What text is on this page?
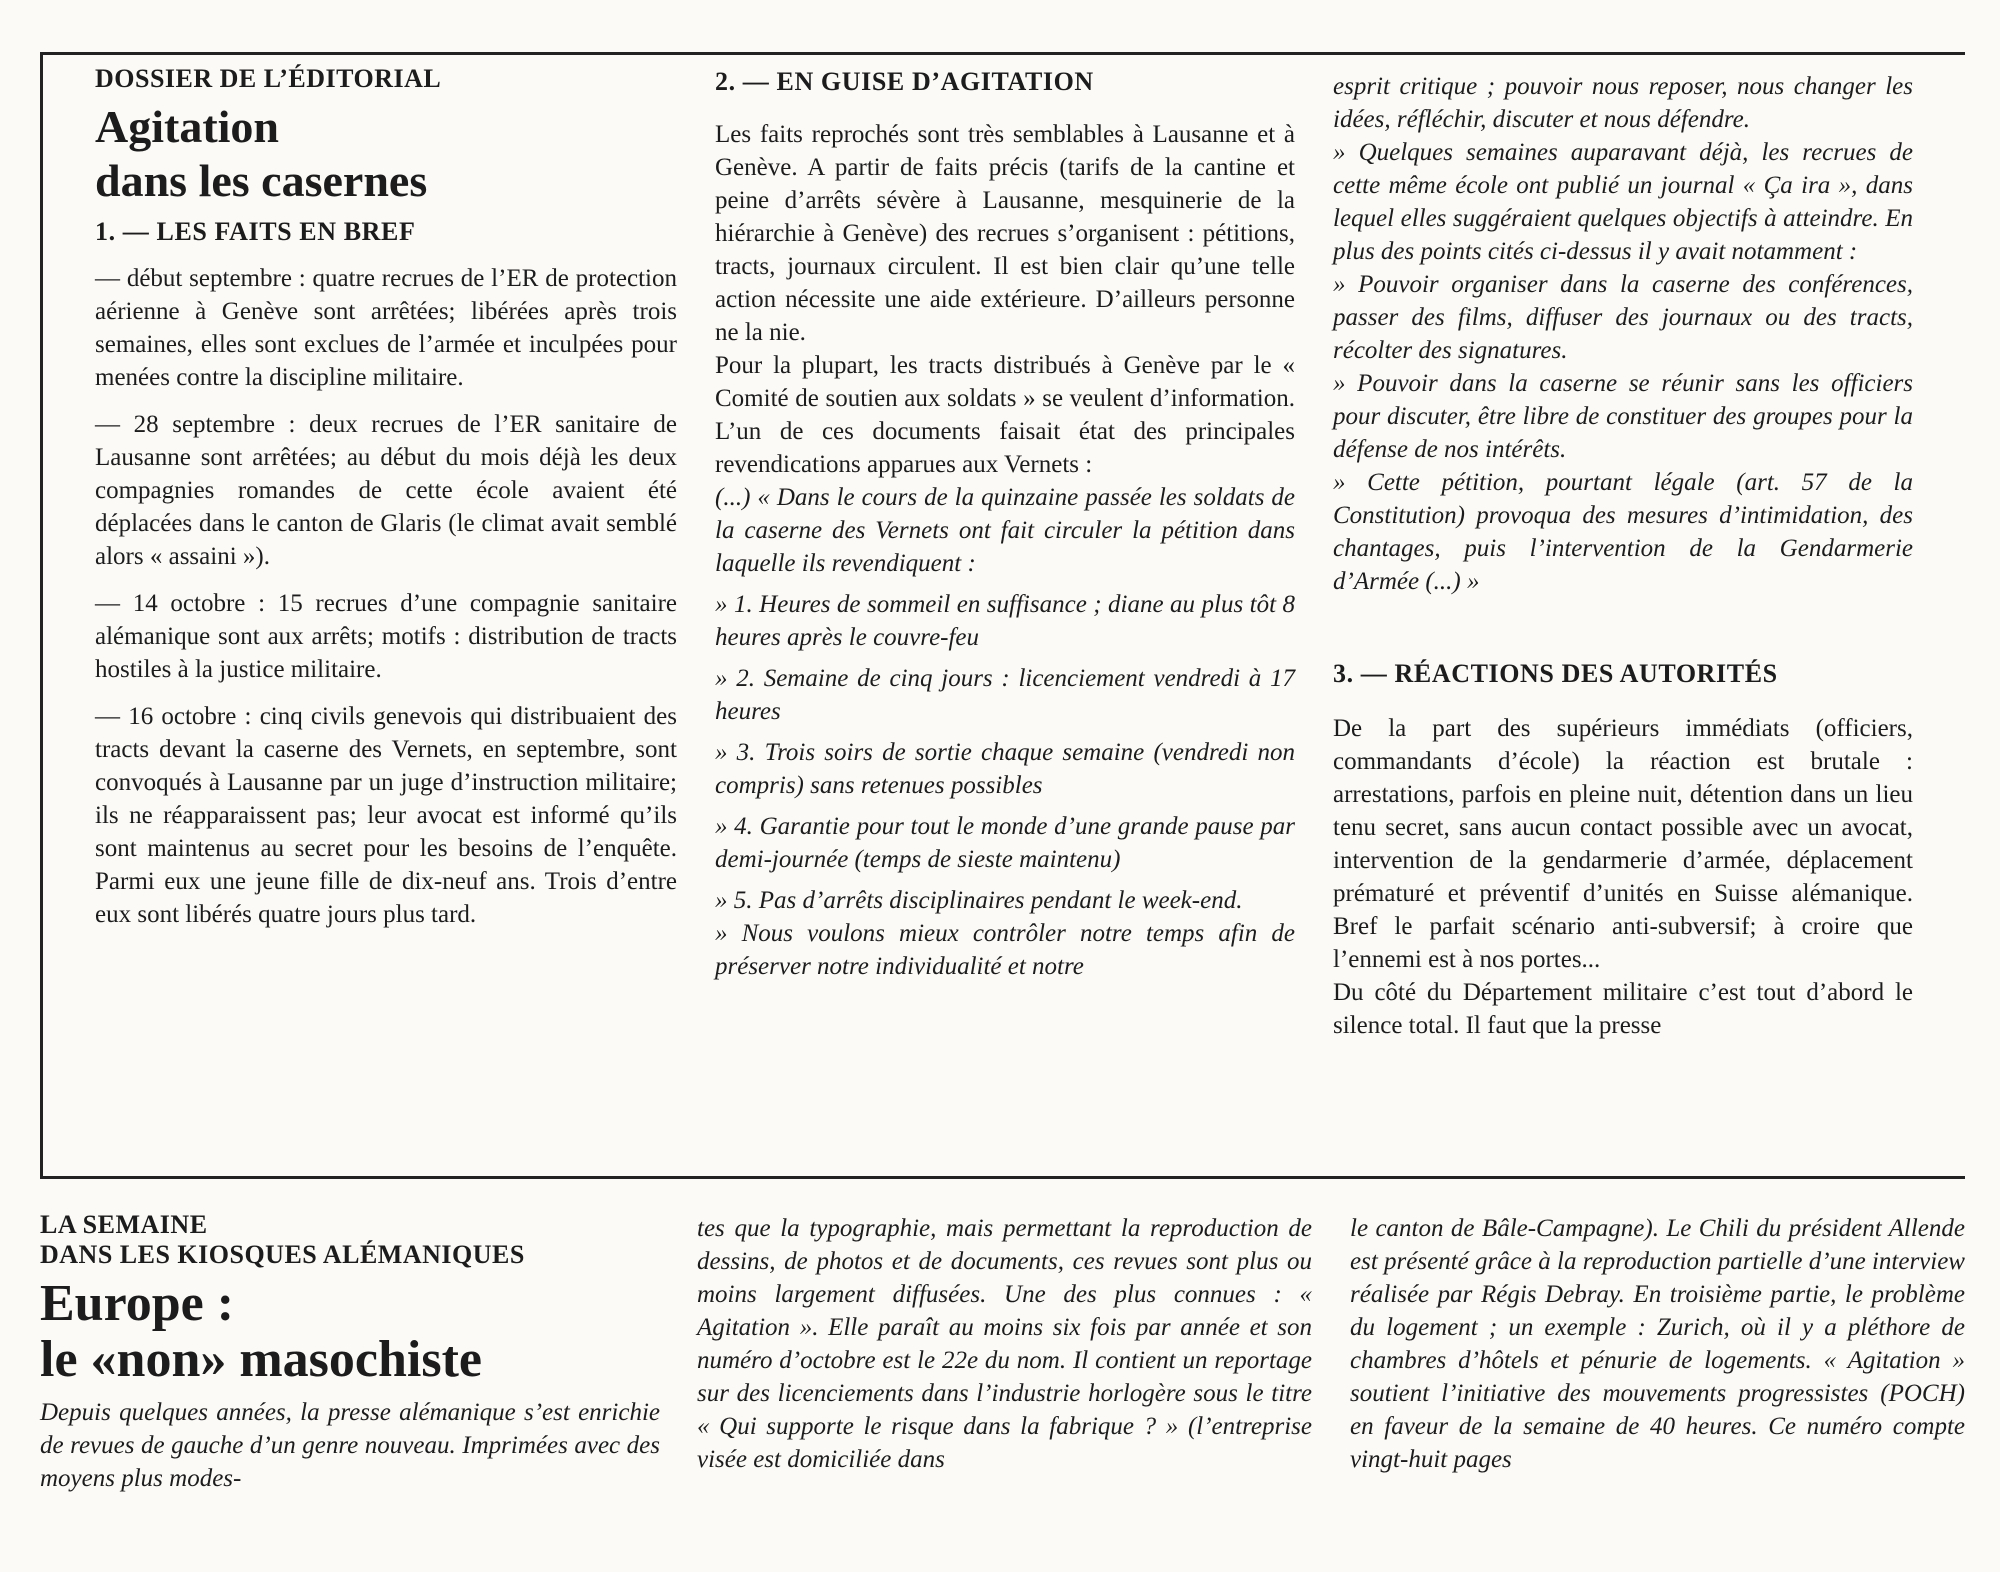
DOSSIER DE L’ÉDITORIAL

Agitation
dans les casernes

1. — LES FAITS EN BREF

— début septembre : quatre recrues de l’ER de protection aérienne à Genève sont arrêtées; libérées après trois semaines, elles sont exclues de l’armée et inculpées pour menées contre la discipline militaire.

— 28 septembre : deux recrues de l’ER sanitaire de Lausanne sont arrêtées; au début du mois déjà les deux compagnies romandes de cette école avaient été déplacées dans le canton de Glaris (le climat avait semblé alors « assaini »).

— 14 octobre : 15 recrues d’une compagnie sanitaire alémanique sont aux arrêts; motifs : distribution de tracts hostiles à la justice militaire.

— 16 octobre : cinq civils genevois qui distribuaient des tracts devant la caserne des Vernets, en septembre, sont convoqués à Lausanne par un juge d’instruction militaire; ils ne réapparaissent pas; leur avocat est informé qu’ils sont maintenus au secret pour les besoins de l’enquête. Parmi eux une jeune fille de dix-neuf ans. Trois d’entre eux sont libérés quatre jours plus tard.

2. — EN GUISE D’AGITATION

Les faits reprochés sont très semblables à Lausanne et à Genève. A partir de faits précis (tarifs de la cantine et peine d’arrêts sévère à Lausanne, mesquinerie de la hiérarchie à Genève) des recrues s’organisent : pétitions, tracts, journaux circulent. Il est bien clair qu’une telle action nécessite une aide extérieure. D’ailleurs personne ne la nie.

Pour la plupart, les tracts distribués à Genève par le « Comité de soutien aux soldats » se veulent d’information. L’un de ces documents faisait état des principales revendications apparues aux Vernets :

(...) « Dans le cours de la quinzaine passée les soldats de la caserne des Vernets ont fait circuler la pétition dans laquelle ils revendiquent :

» 1. Heures de sommeil en suffisance ; diane au plus tôt 8 heures après le couvre-feu

» 2. Semaine de cinq jours : licenciement vendredi à 17 heures

» 3. Trois soirs de sortie chaque semaine (vendredi non compris) sans retenues possibles

» 4. Garantie pour tout le monde d’une grande pause par demi-journée (temps de sieste maintenu)

» 5. Pas d’arrêts disciplinaires pendant le week-end.

» Nous voulons mieux contrôler notre temps afin de préserver notre individualité et notre

esprit critique ; pouvoir nous reposer, nous changer les idées, réfléchir, discuter et nous défendre.

» Quelques semaines auparavant déjà, les recrues de cette même école ont publié un journal « Ça ira », dans lequel elles suggéraient quelques objectifs à atteindre. En plus des points cités ci-dessus il y avait notamment :

» Pouvoir organiser dans la caserne des conférences, passer des films, diffuser des journaux ou des tracts, récolter des signatures.

» Pouvoir dans la caserne se réunir sans les officiers pour discuter, être libre de constituer des groupes pour la défense de nos intérêts.

» Cette pétition, pourtant légale (art. 57 de la Constitution) provoqua des mesures d’intimidation, des chantages, puis l’intervention de la Gendarmerie d’Armée (...) »

3. — RÉACTIONS DES AUTORITÉS

De la part des supérieurs immédiats (officiers, commandants d’école) la réaction est brutale : arrestations, parfois en pleine nuit, détention dans un lieu tenu secret, sans aucun contact possible avec un avocat, intervention de la gendarmerie d’armée, déplacement prématuré et préventif d’unités en Suisse alémanique. Bref le parfait scénario anti-subversif; à croire que l’ennemi est à nos portes...

Du côté du Département militaire c’est tout d’abord le silence total. Il faut que la presse

LA SEMAINE

DANS LES KIOSQUES ALÉMANIQUES

Europe :
le «non» masochiste

Depuis quelques années, la presse alémanique s’est enrichie de revues de gauche d’un genre nouveau. Imprimées avec des moyens plus modes-

tes que la typographie, mais permettant la reproduction de dessins, de photos et de documents, ces revues sont plus ou moins largement diffusées. Une des plus connues : « Agitation ». Elle paraît au moins six fois par année et son numéro d’octobre est le 22e du nom. Il contient un reportage sur des licenciements dans l’industrie horlogère sous le titre « Qui supporte le risque dans la fabrique ? » (l’entreprise visée est domiciliée dans

le canton de Bâle-Campagne). Le Chili du président Allende est présenté grâce à la reproduction partielle d’une interview réalisée par Régis Debray. En troisième partie, le problème du logement ; un exemple : Zurich, où il y a pléthore de chambres d’hôtels et pénurie de logements. « Agitation » soutient l’initiative des mouvements progressistes (POCH) en faveur de la semaine de 40 heures. Ce numéro compte vingt-huit pages
